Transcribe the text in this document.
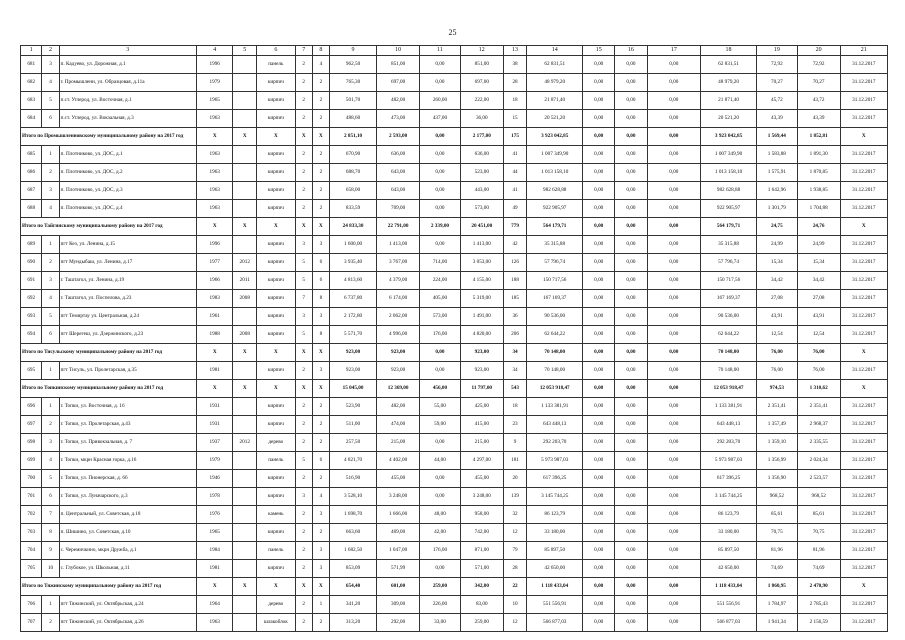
25
1	2	3	4	5	6	7	8	9	10	11	12	13	14	15	16	17	18	19	20	21
681	3	п. Кадуево, ул. Дорожная, д.1	1996		панель	2	4	962,50	851,00	0,00	851,00	38	62 831,51	0,00	0,00	0,00	62 831,51	72,92	72,92	31.12.2017
682	4	г. Промышленн, ул. Образцовая, д.11а	1979		кирпич	2	2	765,30	697,00	0,00	697,00	28	48 979,20	0,00	0,00	0,00	48 979,20	70,27	70,27	31.12.2017
683	5	п.ст. Углерод, ул. Восточная, д.1	1965		кирпич	2	2	501,70	482,00	260,00	222,00	18	21 871,40	0,00	0,00	0,00	21 871,40	45,72	43,72	31.12.2017
684	6	п.ст. Углерод, ул. Вокзальная, д.3	1963		кирпич	2	2	488,60	473,00	437,00	36,00	15	20 521,20	0,00	0,00	0,00	20 521,20	43,39	43,39	31.12.2017
Итого по Промышленновскому муниципальному району на 2017 год			X	X	X	X	X	2 851,10	2 593,00	0,00	2 177,00	175	3 923 042,85	0,00	0,00	0,00	3 923 042,85	1 569,44	1 852,81	X
685	1	п. Плотниково, ул. ДОС, д.1	1963		кирпич	2	2	670,90	636,00	0,00	636,00	41	1 007 349,90	0,00	0,00	0,00	1 007 349,90	1 583,88	1 891,30	31.12.2017
686	2	п. Плотниково, ул. ДОС, д.2	1963		кирпич	2	2	688,70	643,00	0,00	523,00	44	1 013 158,10	0,00	0,00	0,00	1 013 158,10	1 575,91	1 870,85	31.12.2017
687	3	п. Плотниково, ул. ДОС, д.3	1963		кирпич	2	2	658,00	643,00	0,00	443,00	41	982 628,88	0,00	0,00	0,00	982 628,88	1 642,96	1 938,85	31.12.2017
688	4	п. Плотниково, ул. ДОС, д.4	1963		кирпич	2	2	833,59	709,00	0,00	573,00	49	922 905,97	0,00	0,00	0,00	922 905,97	1 301,79	1 704,88	31.12.2017
Итого по Тайгинскому муниципальному району на 2017 год			X	X	X	X	X	24 833,30	22 791,00	2 339,00	20 451,00	779	564 179,71	0,00	0,00	0,00	564 179,71	24,75	24,76	X
689	1	пгт Кез, ул. Ленина, д.15	1996		кирпич	3	3	1 600,00	1 413,00	0,00	1 413,00	42	35 315,88	0,00	0,00	0,00	35 315,88	24,99	24,99	31.12.2017
690	2	пгт Мундыбаш, ул. Ленина, д.17	1977	2012	кирпич	5	6	3 935,40	3 767,00	714,00	3 053,00	126	57 796,74	0,00	0,00	0,00	57 796,74	15,34	15,34	31.12.2017
691	3	г. Таштагол, ул. Ленина, д.19	1966	2011	кирпич	5	6	4 813,60	4 379,00	224,00	4 155,00	188	150 717,56	0,00	0,00	0,00	150 717,56	34,42	34,42	31.12.2017
692	4	г. Таштагол, ул. Поспелова, д.23	1983	2008	кирпич	7	8	6 737,80	6 174,00	405,00	5 319,00	185	167 169,37	0,00	0,00	0,00	167 169,37	27,08	27,08	31.12.2017
693	5	пгт Темиртау ул. Центральная, д.24	1961		кирпич	3	3	2 172,80	2 062,00	573,00	1 491,00	36	90 536,00	0,00	0,00	0,00	90 536,00	43,91	43,91	31.12.2017
694	6	пгт Шерегеш, ул. Дзержинского, д.23	1988	2008	кирпич	5	8	5 571,70	4 996,00	176,00	4 820,00	206	62 644,22	0,00	0,00	0,00	62 644,22	12,54	12,54	31.12.2017
Итого по Тисульскому муниципальному району на 2017 год			X	X	X	X	X	923,00	923,00	0,00	923,00	34	70 148,00	0,00	0,00	0,00	70 148,00	76,00	76,00	X
695	1	пгт Тисуль, ул. Пролетарская, д.35	1981		кирпич	2	3	923,00	923,00	0,00	923,00	34	70 148,00	0,00	0,00	0,00	70 148,00	76,00	76,00	31.12.2017
Итого по Топкинскому муниципальному району на 2017 год			X	X	X	X	X	15 045,00	12 369,00	456,00	11 797,00	543	12 053 918,47	0,00	0,00	0,00	12 053 918,47	974,53	1 310,62	X
696	1	г. Топки, ул. Восточная, д. 16	1931		кирпич	2	2	523,90	482,00	55,00	425,00	18	1 133 381,91	0,00	0,00	0,00	1 133 381,91	2 351,41	2 351,41	31.12.2017
697	2	г. Топки, ул. Пролетарская, д.43	1931		кирпич	2	2	511,00	474,00	59,00	415,00	23	643 448,13	0,00	0,00	0,00	643 448,13	1 357,49	2 968,37	31.12.2017
698	3	г. Топки, ул. Привокзальная, д. 7	1937	2012	дерево	2	2	257,50	215,00	0,00	215,00	9	292 203,70	0,00	0,00	0,00	292 203,70	1 359,10	2 335,55	31.12.2017
699	4	г. Топки, мкрн Красная горка, д.16	1979		панель	5	6	4 821,70	4 402,00	44,00	4 297,00	181	5 973 987,03	0,00	0,00	0,00	5 973 987,03	1 356,99	2 024,34	31.12.2017
700	5	г. Топки, ул. Пионерская, д. 66	1946		кирпич	2	2	516,90	455,00	0,00	455,00	20	617 396,25	0,00	0,00	0,00	617 396,25	1 356,90	2 523,57	31.12.2017
701	6	г. Топки, ул. Луначарского, д.3	1978		кирпич	3	4	3 528,10	3 248,00	0,00	3 248,00	139	3 145 744,25	0,00	0,00	0,00	3 145 744,25	968,52	968,52	31.12.2017
702	7	п. Центральный, ул. Советская, д.18	1976		камень	2	3	1 698,70	1 666,00	48,00	958,00	32	86 123,79	0,00	0,00	0,00	86 123,79	85,61	85,61	31.12.2017
703	8	п. Шишино, ул. Советская, д.10	1965		кирпич	2	2	663,60	469,00	42,00	742,00	12	33 180,00	0,00	0,00	0,00	33 180,00	70,75	70,75	31.12.2017
704	9	с. Черемичкино, мкрн Дружба, д.1	1984		панель	2	3	1 682,50	1 047,00	176,00	871,00	79	85 897,50	0,00	0,00	0,00	85 897,50	81,96	81,96	31.12.2017
705	10	с. Глубокое, ул. Школьная, д.11	1981		кирпич	2	3	853,09	571,99	0,00	571,00	28	42 650,00	0,00	0,00	0,00	42 650,00	74,69	74,69	31.12.2017
Итого по Тяжинскому муниципальному району на 2017 год			X	X	X	X	X	654,40	601,00	259,00	342,00	22	1 118 433,04	0,00	0,00	0,00	1 118 433,04	1 860,95	2 470,90	X
706	1	пгт Тяжинский, ул. Октябрьская, д.24	1964		дерево	2	1	341,20	309,00	226,00	83,00	10	551 556,91	0,00	0,00	0,00	551 556,91	1 784,97	2 785,43	31.12.2017
707	2	пгт Тяжинский, ул. Октябрьская, д.26	1963		шлакоблок	2	2	313,20	292,00	33,00	259,00	12	566 877,03	0,00	0,00	0,00	566 877,03	1 941,34	2 156,59	31.12.2017
